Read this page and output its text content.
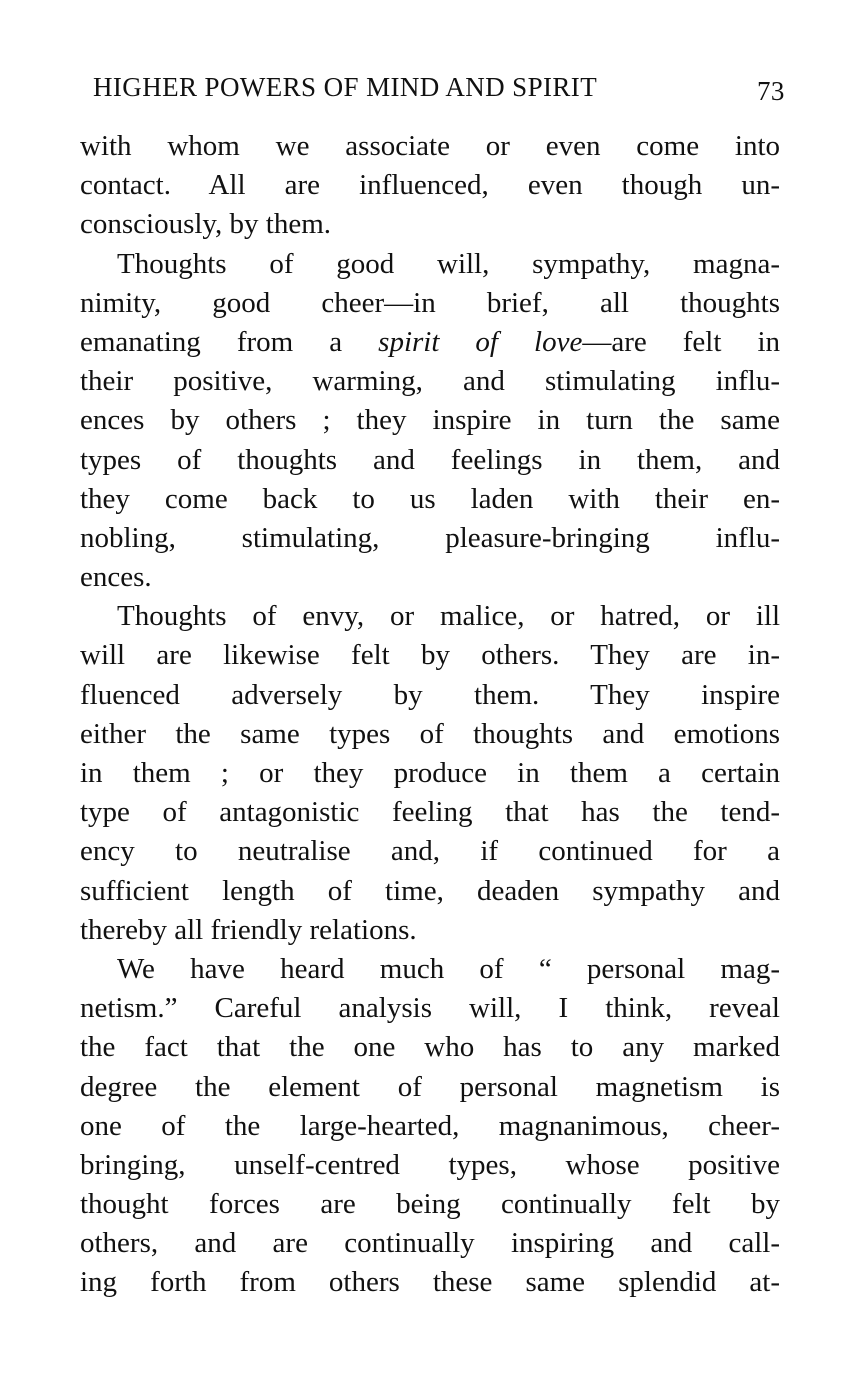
HIGHER POWERS OF MIND AND SPIRIT	73
with whom we associate or even come into
contact. All are influenced, even though un-
consciously, by them.
Thoughts of good will, sympathy, magna-
nimity, good cheer—in brief, all thoughts
emanating from a spirit of love—are felt in
their positive, warming, and stimulating influ-
ences by others ; they inspire in turn the same
types of thoughts and feelings in them, and
they come back to us laden with their en-
nobling, stimulating, pleasure-bringing influ-
ences.
Thoughts of envy, or malice, or hatred, or ill
will are likewise felt by others. They are in-
fluenced adversely by them. They inspire
either the same types of thoughts and emotions
in them ; or they produce in them a certain
type of antagonistic feeling that has the tend-
ency to neutralise and, if continued for a
sufficient length of time, deaden sympathy and
thereby all friendly relations.
We have heard much of “ personal mag-
netism.” Careful analysis will, I think, reveal
the fact that the one who has to any marked
degree the element of personal magnetism is
one of the large-hearted, magnanimous, cheer-
bringing, unself-centred types, whose positive
thought forces are being continually felt by
others, and are continually inspiring and call-
ing forth from others these same splendid at-
